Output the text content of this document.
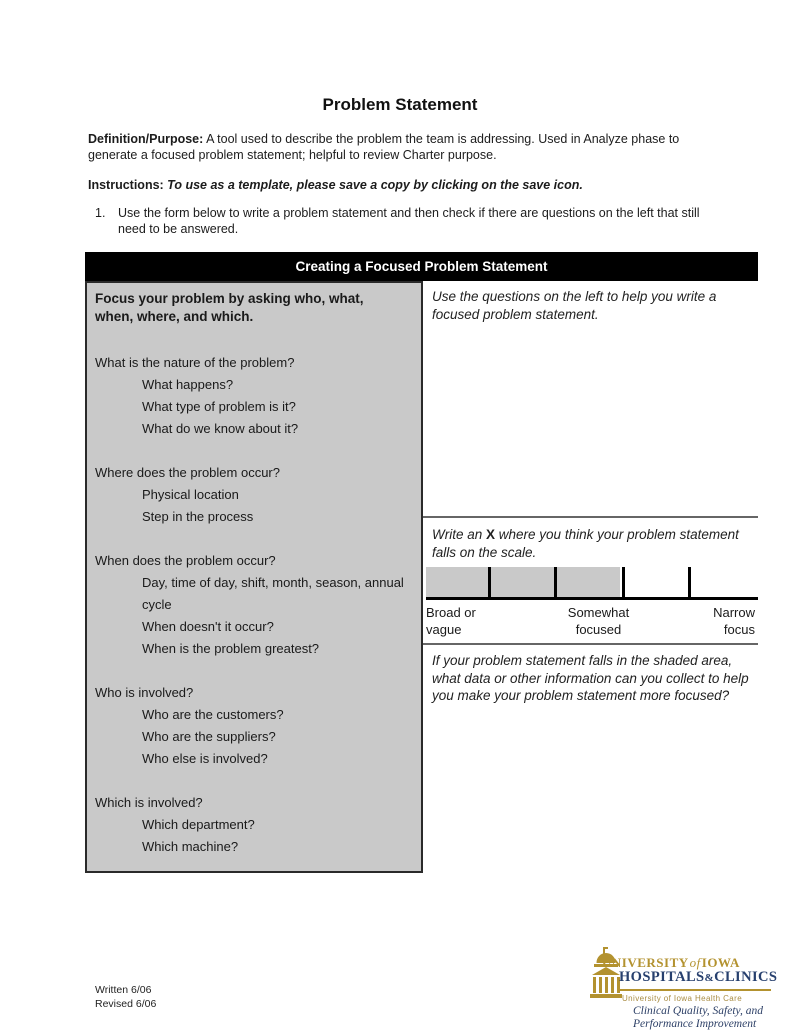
Problem Statement
Definition/Purpose: A tool used to describe the problem the team is addressing. Used in Analyze phase to generate a focused problem statement; helpful to review Charter purpose.
Instructions: To use as a template, please save a copy by clicking on the save icon.
1.	Use the form below to write a problem statement and then check if there are questions on the left that still need to be answered.
Creating a Focused Problem Statement
Focus your problem by asking who, what, when, where, and which.
What is the nature of the problem?
What happens?
What type of problem is it?
What do we know about it?
Where does the problem occur?
Physical location
Step in the process
When does the problem occur?
Day, time of day, shift, month, season, annual cycle
When doesn't it occur?
When is the problem greatest?
Who is involved?
Who are the customers?
Who are the suppliers?
Who else is involved?
Which is involved?
Which department?
Which machine?
Use the questions on the left to help you write a focused problem statement.
Write an X where you think your problem statement falls on the scale.
Broad or vague
Somewhat focused
Narrow focus
If your problem statement falls in the shaded area, what data or other information can you collect to help you make your problem statement more focused?
Written 6/06
Revised 6/06
UNIVERSITYofIOWA
HOSPITALS&CLINICS
University of Iowa Health Care
Clinical Quality, Safety, and
Performance Improvement
